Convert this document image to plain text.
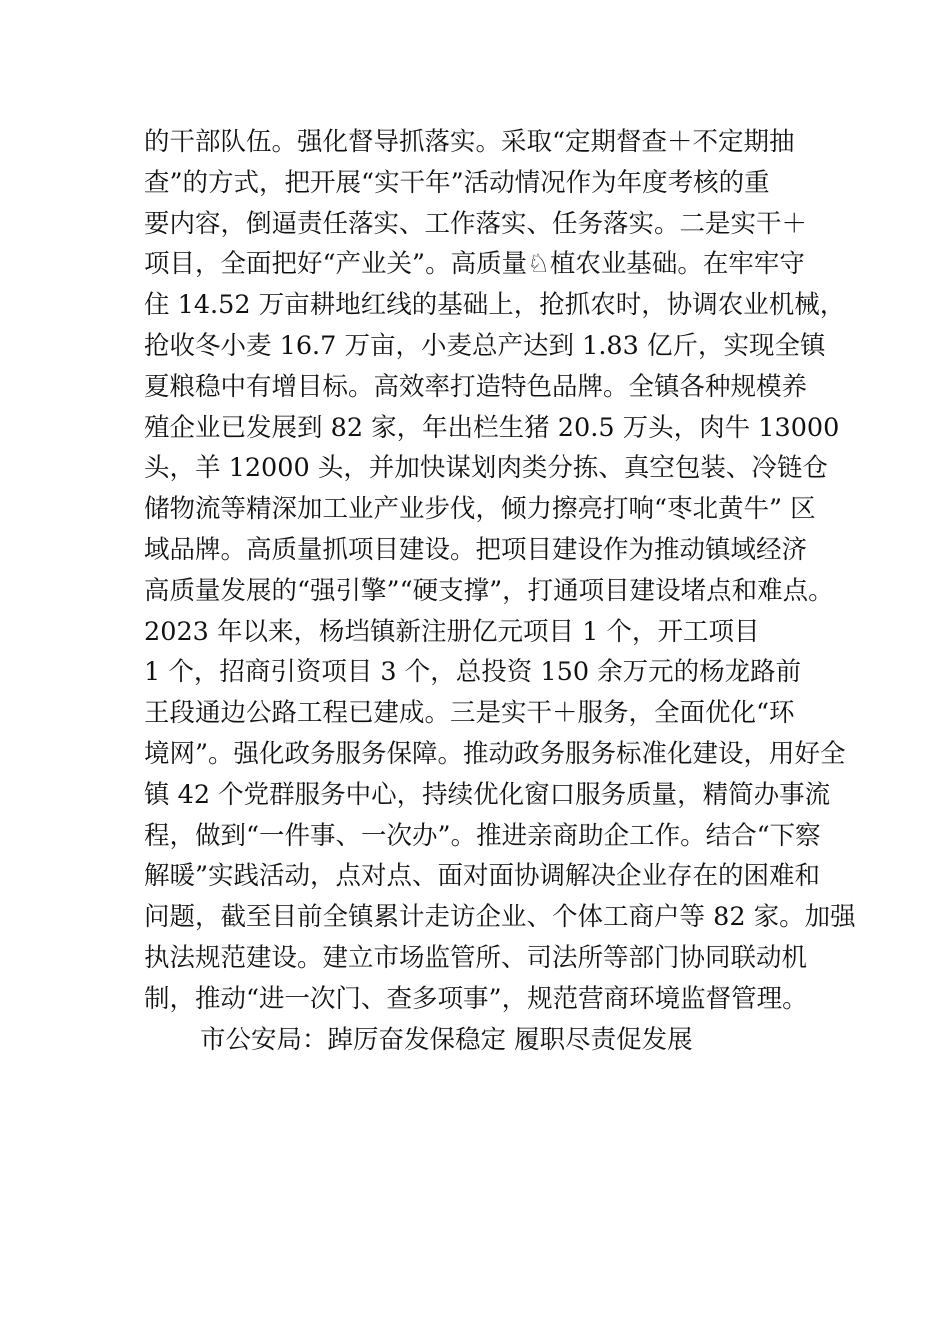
的干部队伍。强化督导抓落实。采取“定期督查＋不定期抽
查”的方式，把开展“实干年”活动情况作为年度考核的重
要内容，倒逼责任落实、工作落实、任务落实。二是实干＋
项目，全面把好“产业关”。高质量♘植农业基础。在牢牢守
住 14.52 万亩耕地红线的基础上，抢抓农时，协调农业机械，
抢收冬小麦 16.7 万亩，小麦总产达到 1.83 亿斤，实现全镇
夏粮稳中有增目标。高效率打造特色品牌。全镇各种规模养
殖企业已发展到 82 家，年出栏生猪 20.5 万头，肉牛 13000
头，羊 12000 头，并加快谋划肉类分拣、真空包装、冷链仓
储物流等精深加工业产业步伐，倾力擦亮打响“枣北黄牛” 区
域品牌。高质量抓项目建设。把项目建设作为推动镇域经济
高质量发展的“强引擎”“硬支撑”，打通项目建设堵点和难点。
2023 年以来，杨垱镇新注册亿元项目 1 个，开工项目
1 个，招商引资项目 3 个，总投资 150 余万元的杨龙路前
王段通边公路工程已建成。三是实干＋服务，全面优化“环
境网”。强化政务服务保障。推动政务服务标准化建设，用好全
镇 42 个党群服务中心，持续优化窗口服务质量，精简办事流
程，做到“一件事、一次办”。推进亲商助企工作。结合“下察
解暖”实践活动，点对点、面对面协调解决企业存在的困难和
问题，截至目前全镇累计走访企业、个体工商户等 82 家。加强
执法规范建设。建立市场监管所、司法所等部门协同联动机
制，推动“进一次门、查多项事”，规范营商环境监督管理。
市公安局：踔厉奋发保稳定 履职尽责促发展
